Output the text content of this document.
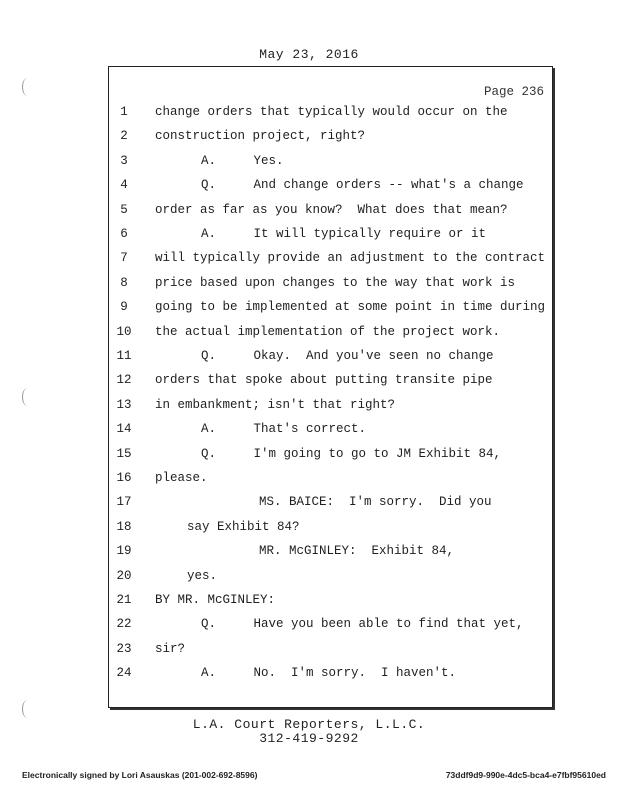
May 23, 2016
Page 236
1	change orders that typically would occur on the
2	construction project, right?
3	A.     Yes.
4	Q.     And change orders -- what's a change
5	order as far as you know?  What does that mean?
6	A.     It will typically require or it
7	will typically provide an adjustment to the contract
8	price based upon changes to the way that work is
9	going to be implemented at some point in time during
10 the actual implementation of the project work.
11	Q.     Okay.  And you've seen no change
12 orders that spoke about putting transite pipe
13 in embankment; isn't that right?
14	A.     That's correct.
15	Q.     I'm going to go to JM Exhibit 84,
16 please.
17	MS. BAICE:  I'm sorry.  Did you
18	say Exhibit 84?
19	MR. McGINLEY:  Exhibit 84,
20	yes.
21 BY MR. McGINLEY:
22	Q.     Have you been able to find that yet,
23 sir?
24	A.     No.  I'm sorry.  I haven't.
L.A. Court Reporters, L.L.C.
312-419-9292
Electronically signed by Lori Asauskas (201-002-692-8596)	73ddf9d9-990e-4dc5-bca4-e7fbf95610ed
